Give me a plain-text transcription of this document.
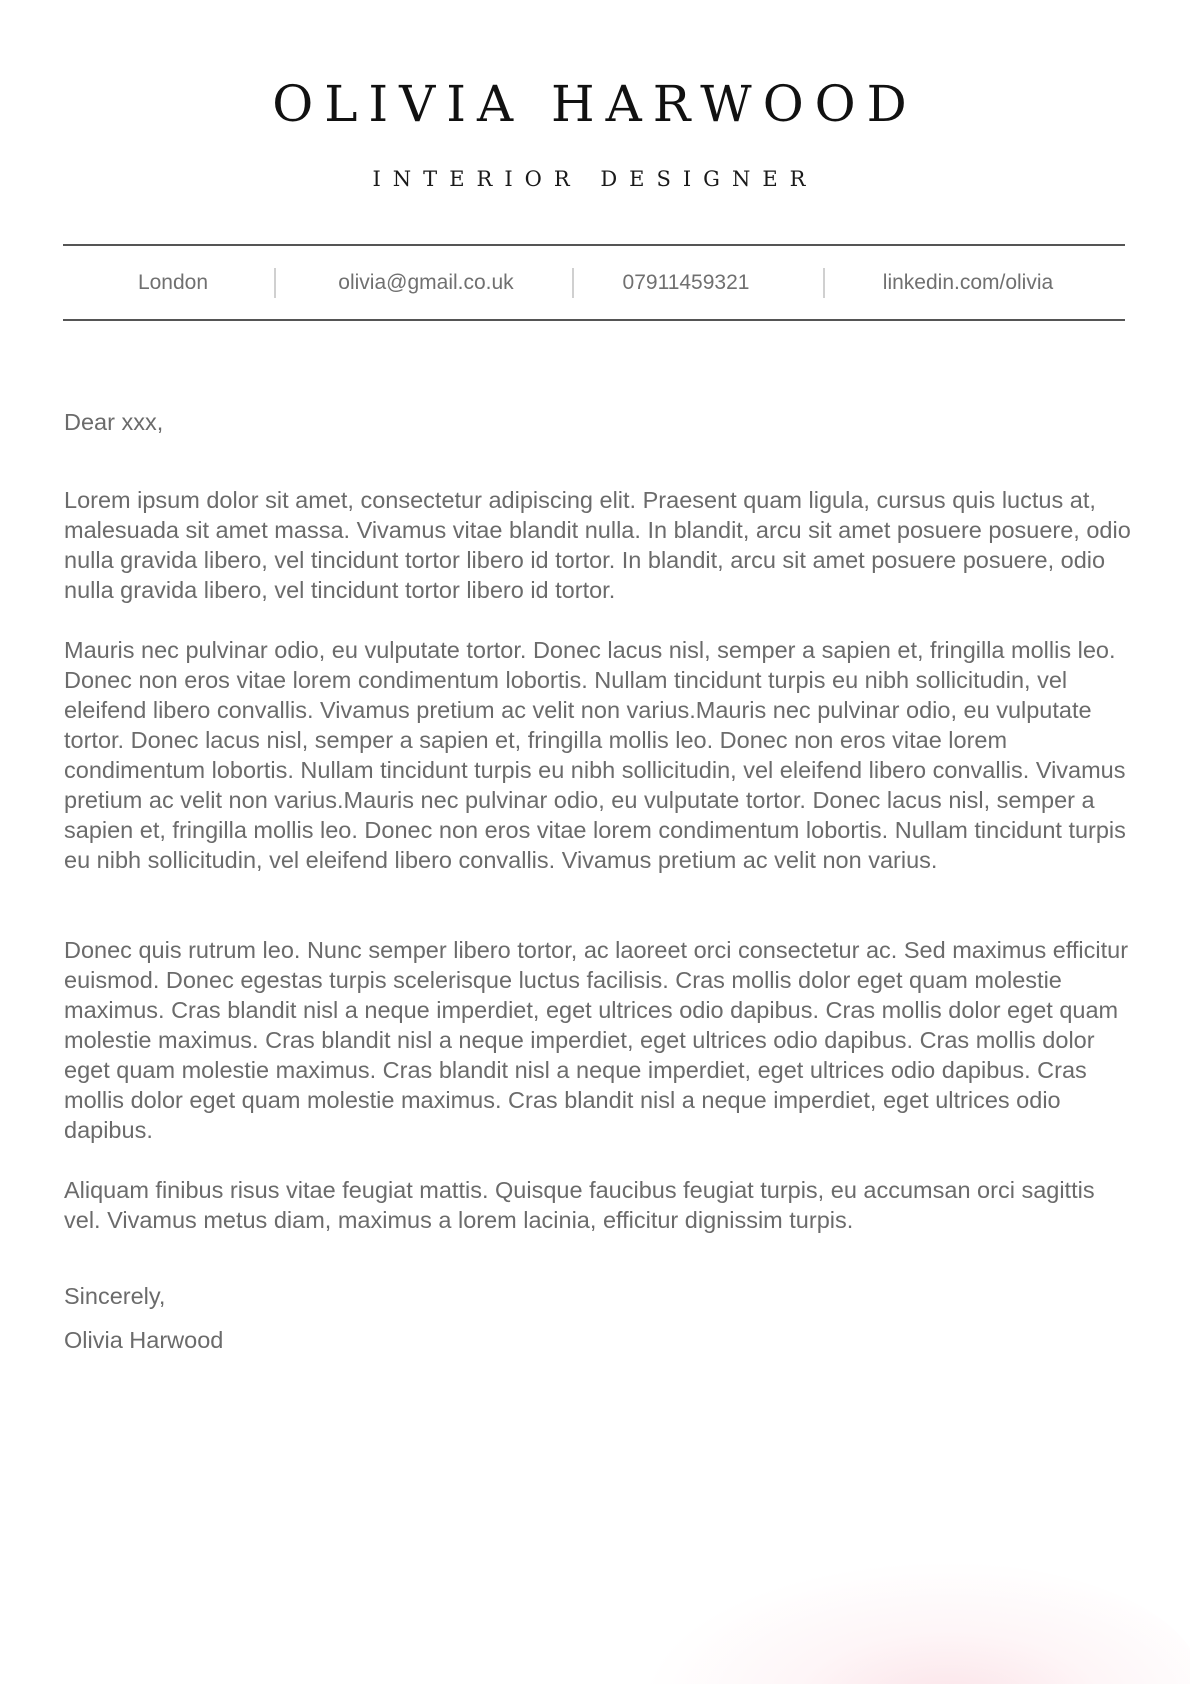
OLIVIA HARWOOD
INTERIOR DESIGNER
London	olivia@gmail.co.uk	07911459321	linkedin.com/olivia

Dear xxx,

Lorem ipsum dolor sit amet, consectetur adipiscing elit. Praesent quam ligula, cursus quis luctus at, malesuada sit amet massa. Vivamus vitae blandit nulla. In blandit, arcu sit amet posuere posuere, odio nulla gravida libero, vel tincidunt tortor libero id tortor. In blandit, arcu sit amet posuere posuere, odio nulla gravida libero, vel tincidunt tortor libero id tortor.

Mauris nec pulvinar odio, eu vulputate tortor. Donec lacus nisl, semper a sapien et, fringilla mollis leo. Donec non eros vitae lorem condimentum lobortis. Nullam tincidunt turpis eu nibh sollicitudin, vel eleifend libero convallis. Vivamus pretium ac velit non varius.Mauris nec pulvinar odio, eu vulputate tortor. Donec lacus nisl, semper a sapien et, fringilla mollis leo. Donec non eros vitae lorem condimentum lobortis. Nullam tincidunt turpis eu nibh sollicitudin, vel eleifend libero convallis. Vivamus pretium ac velit non varius.Mauris nec pulvinar odio, eu vulputate tortor. Donec lacus nisl, semper a sapien et, fringilla mollis leo. Donec non eros vitae lorem condimentum lobortis. Nullam tincidunt turpis eu nibh sollicitudin, vel eleifend libero convallis. Vivamus pretium ac velit non varius.

Donec quis rutrum leo. Nunc semper libero tortor, ac laoreet orci consectetur ac. Sed maximus efficitur euismod. Donec egestas turpis scelerisque luctus facilisis. Cras mollis dolor eget quam molestie maximus. Cras blandit nisl a neque imperdiet, eget ultrices odio dapibus. Cras mollis dolor eget quam molestie maximus. Cras blandit nisl a neque imperdiet, eget ultrices odio dapibus. Cras mollis dolor eget quam molestie maximus. Cras blandit nisl a neque imperdiet, eget ultrices odio dapibus. Cras mollis dolor eget quam molestie maximus. Cras blandit nisl a neque imperdiet, eget ultrices odio dapibus.

Aliquam finibus risus vitae feugiat mattis. Quisque faucibus feugiat turpis, eu accumsan orci sagittis vel. Vivamus metus diam, maximus a lorem lacinia, efficitur dignissim turpis.

Sincerely,

Olivia Harwood
